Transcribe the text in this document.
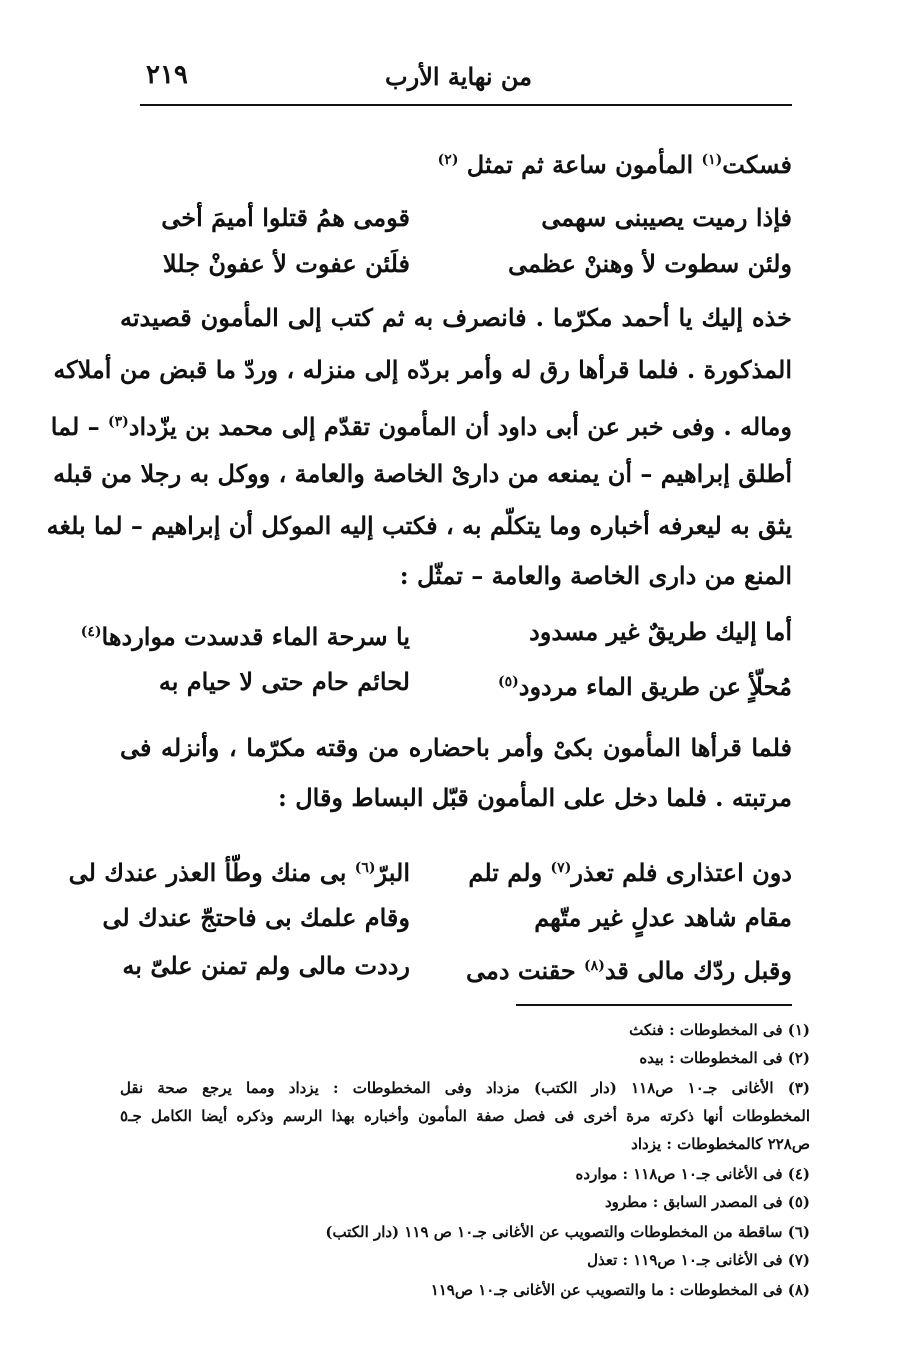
٢١٩	من نهاية الأرب
فسكت$^{(١)}$ المأمون ساعة ثم تمثل $^{(٢)}$
قومى همُ قتلوا أميمَ أخى	فإذا رميت يصيبنى سهمى
فلَئن عفوت لأ عفونْ جللا	ولئن سطوت لأ وهننْ عظمى
خذه إليك يا أحمد مكرّما . فانصرف به ثم كتب إلى المأمون قصيدته
المذكورة . فلما قرأها رق له وأمر بردّه إلى منزله ، وردّ ما قبض من أملاكه
وماله . وفى خبر عن أبى داود أن المأمون تقدّم إلى محمد بن يزّداد$^{(٣)}$ – لما
أطلق إبراهيم – أن يمنعه من دارىْ الخاصة والعامة ، ووكل به رجلا من قبله
يثق به ليعرفه أخباره وما يتكلّم به ، فكتب إليه الموكل أن إبراهيم – لما بلغه
المنع من دارى الخاصة والعامة – تمثّل :
يا سرحة الماء قدسدت مواردها$^{(٤)}$	أما إليك طريقٌ غير مسدود
لحائم حام حتى لا حيام به	مُحلّأٍ عن طريق الماء مردود$^{(٥)}$
فلما قرأها المأمون بكىْ وأمر باحضاره من وقته مكرّما ، وأنزله فى
مرتبته . فلما دخل على المأمون قبّل البساط وقال :
البرّ$^{(٦)}$ بى منك وطّأ العذر عندك لى	دون اعتذارى فلم تعذر$^{(٧)}$ ولم تلم
وقام علمك بى فاحتجّ عندك لى	مقام شاهد عدلٍ غير متّهم
رددت مالى ولم تمنن علىّ به	وقبل ردّك مالى قد$^{(٨)}$ حقنت دمى
(١) فى المخطوطات : فنكث
(٢) فى المخطوطات : بيده
(٣) الأغانى جـ١٠ ص١١٨ (دار الكتب) مزداد وفى المخطوطات : يزداد ومما يرجع صحة نقل
المخطوطات أنها ذكرته مرة أخرى فى فصل صفة المأمون وأخباره بهذا الرسم وذكره أيضا الكامل جـ٥
ص٢٢٨ كالمخطوطات : يزداد
(٤) فى الأغانى جـ١٠ ص١١٨ : موارده
(٥) فى المصدر السابق : مطرود
(٦) ساقطة من المخطوطات والتصويب عن الأغانى جـ١٠ ص ١١٩ (دار الكتب)
(٧) فى الأغانى جـ١٠ ص١١٩ : تعذل
(٨) فى المخطوطات : ما والتصويب عن الأغانى جـ١٠ ص١١٩
